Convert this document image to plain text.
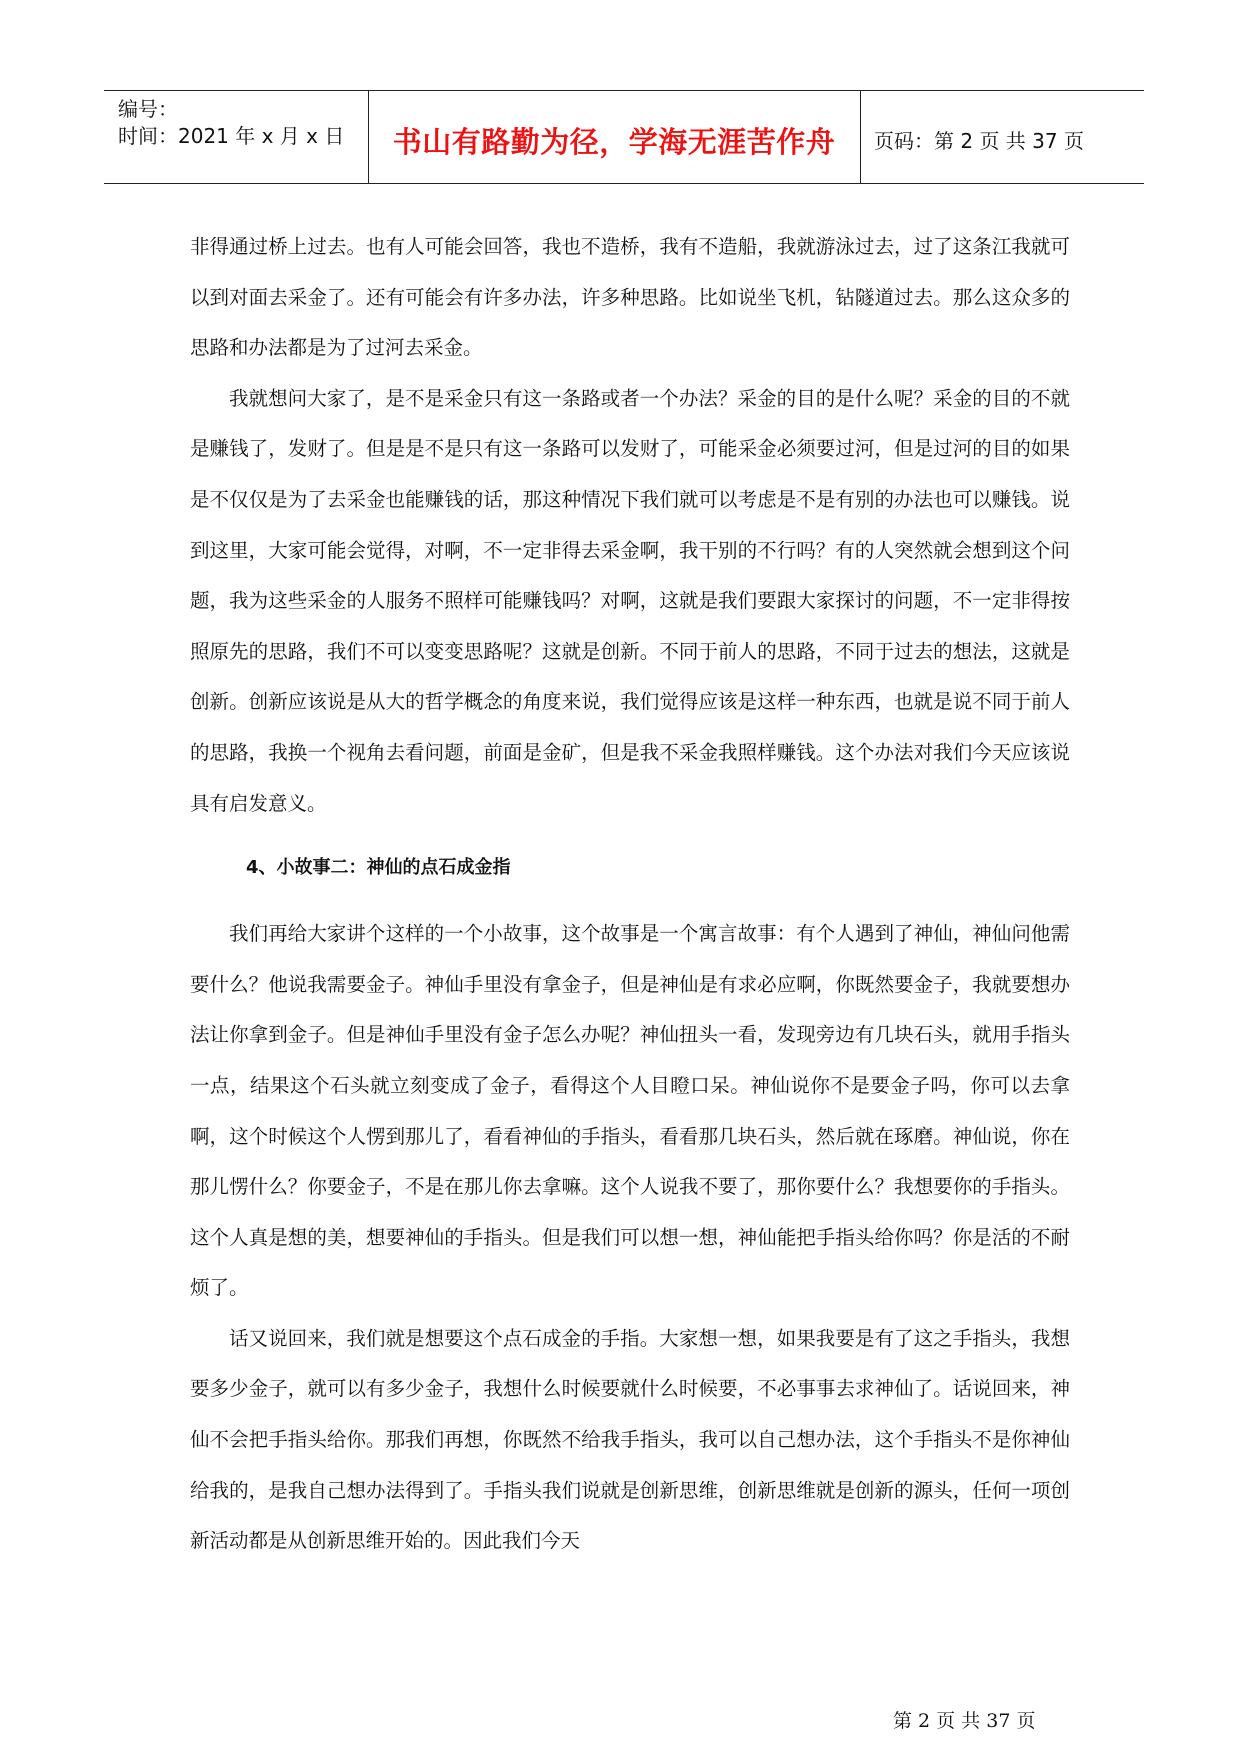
编号：
时间：2021 年 x 月 x 日	书山有路勤为径，学海无涯苦作舟	页码：第 2 页 共 37 页

非得通过桥上过去。也有人可能会回答，我也不造桥，我有不造船，我就游泳过去，过了这条江我就可以到对面去采金了。还有可能会有许多办法，许多种思路。比如说坐飞机，钻隧道过去。那么这众多的思路和办法都是为了过河去采金。

我就想问大家了，是不是采金只有这一条路或者一个办法？采金的目的是什么呢？采金的目的不就是赚钱了，发财了。但是是不是只有这一条路可以发财了，可能采金必须要过河，但是过河的目的如果是不仅仅是为了去采金也能赚钱的话，那这种情况下我们就可以考虑是不是有别的办法也可以赚钱。说到这里，大家可能会觉得，对啊，不一定非得去采金啊，我干别的不行吗？有的人突然就会想到这个问题，我为这些采金的人服务不照样可能赚钱吗？对啊，这就是我们要跟大家探讨的问题，不一定非得按照原先的思路，我们不可以变变思路呢？这就是创新。不同于前人的思路，不同于过去的想法，这就是创新。创新应该说是从大的哲学概念的角度来说，我们觉得应该是这样一种东西，也就是说不同于前人的思路，我换一个视角去看问题，前面是金矿，但是我不采金我照样赚钱。这个办法对我们今天应该说具有启发意义。

4、小故事二：神仙的点石成金指

我们再给大家讲个这样的一个小故事，这个故事是一个寓言故事：有个人遇到了神仙，神仙问他需要什么？他说我需要金子。神仙手里没有拿金子，但是神仙是有求必应啊，你既然要金子，我就要想办法让你拿到金子。但是神仙手里没有金子怎么办呢？神仙扭头一看，发现旁边有几块石头，就用手指头一点，结果这个石头就立刻变成了金子，看得这个人目瞪口呆。神仙说你不是要金子吗，你可以去拿啊，这个时候这个人愣到那儿了，看看神仙的手指头，看看那几块石头，然后就在琢磨。神仙说，你在那儿愣什么？你要金子，不是在那儿你去拿嘛。这个人说我不要了，那你要什么？我想要你的手指头。这个人真是想的美，想要神仙的手指头。但是我们可以想一想，神仙能把手指头给你吗？你是活的不耐烦了。

话又说回来，我们就是想要这个点石成金的手指。大家想一想，如果我要是有了这之手指头，我想要多少金子，就可以有多少金子，我想什么时候要就什么时候要，不必事事去求神仙了。话说回来，神仙不会把手指头给你。那我们再想，你既然不给我手指头，我可以自己想办法，这个手指头不是你神仙给我的，是我自己想办法得到了。手指头我们说就是创新思维，创新思维就是创新的源头，任何一项创新活动都是从创新思维开始的。因此我们今天

第 2 页 共 37 页
